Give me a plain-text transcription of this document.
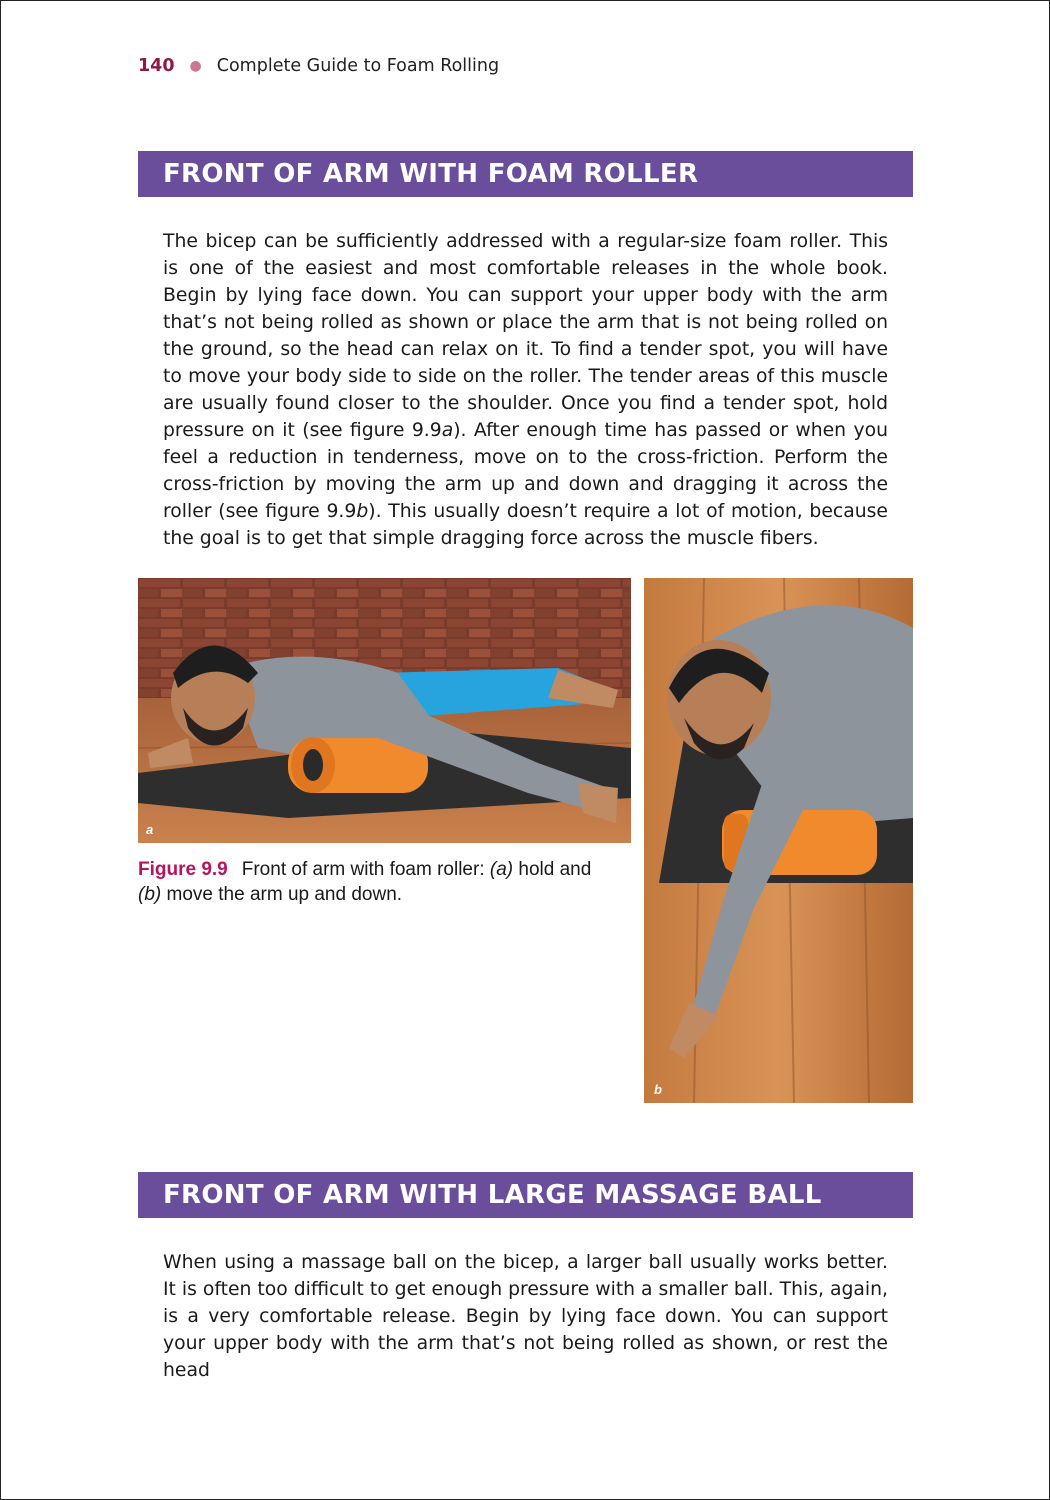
140 ● Complete Guide to Foam Rolling
FRONT OF ARM WITH FOAM ROLLER

The bicep can be sufficiently addressed with a regular-size foam roller. This is one of the easiest and most comfortable releases in the whole book. Begin by lying face down. You can support your upper body with the arm that’s not being rolled as shown or place the arm that is not being rolled on the ground, so the head can relax on it. To find a tender spot, you will have to move your body side to side on the roller. The tender areas of this muscle are usually found closer to the shoulder. Once you find a tender spot, hold pressure on it (see figure 9.9a). After enough time has passed or when you feel a reduction in tenderness, move on to the cross-friction. Perform the cross-friction by moving the arm up and down and dragging it across the roller (see figure 9.9b). This usually doesn’t require a lot of motion, because the goal is to get that simple dragging force across the muscle fibers.

a
b
Figure 9.9 Front of arm with foam roller: (a) hold and (b) move the arm up and down.
FRONT OF ARM WITH LARGE MASSAGE BALL

When using a massage ball on the bicep, a larger ball usually works better. It is often too difficult to get enough pressure with a smaller ball. This, again, is a very comfortable release. Begin by lying face down. You can support your upper body with the arm that’s not being rolled as shown, or rest the head
